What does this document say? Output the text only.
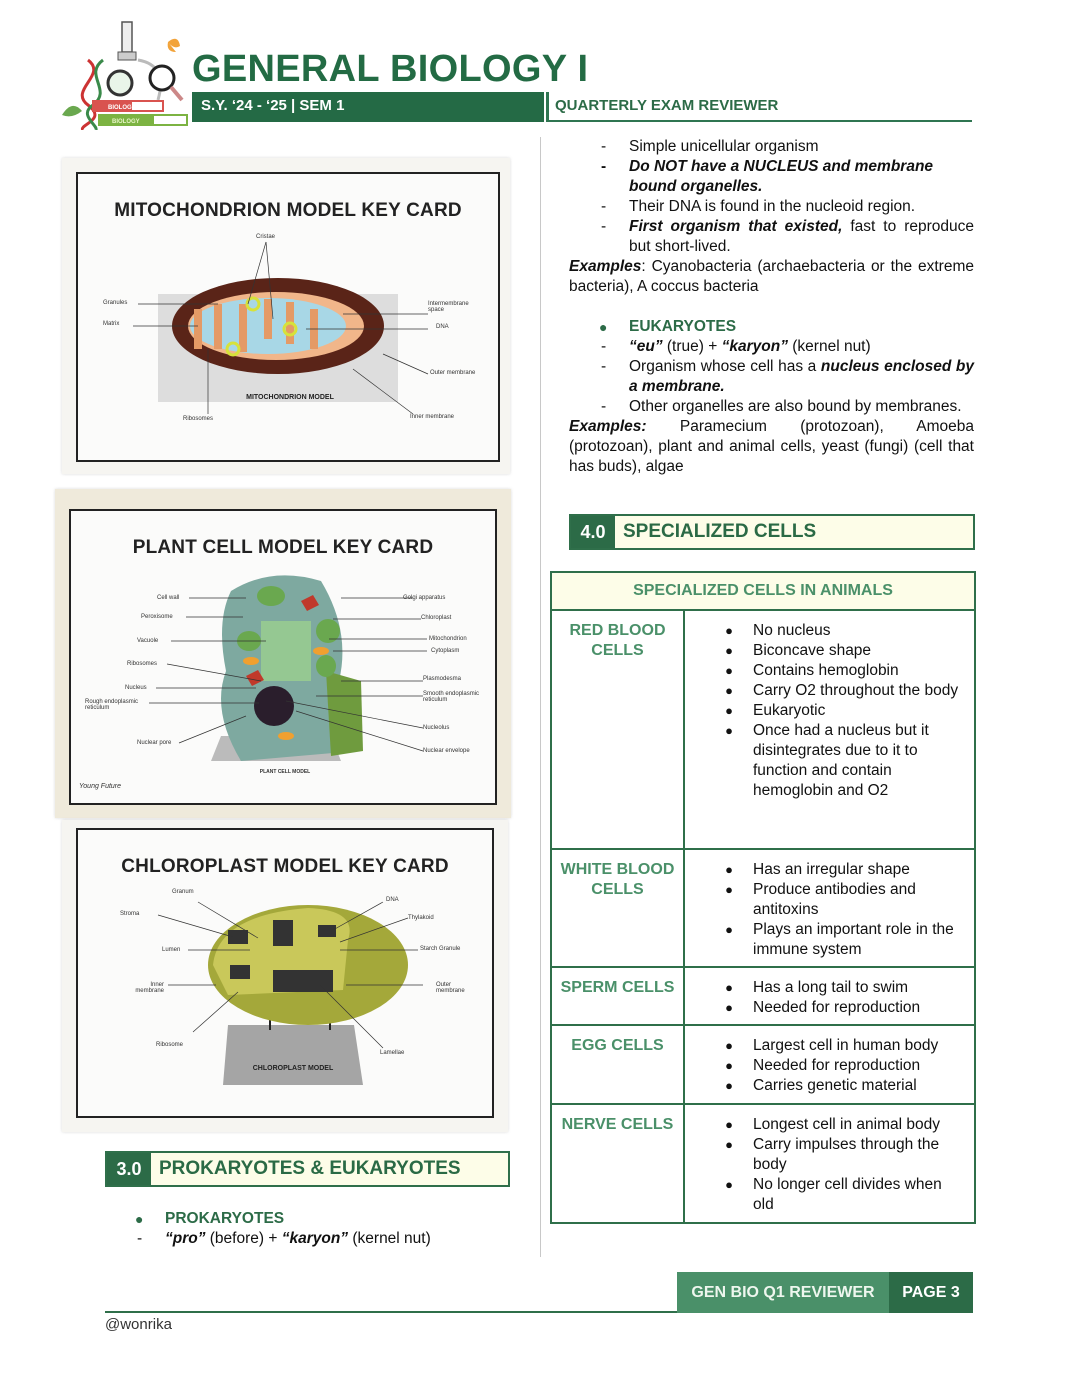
BIOLOGY
BIOLOGY
GENERAL BIOLOGY I
S.Y. ‘24 - ‘25 | SEM 1	QUARTERLY EXAM REVIEWER
MITOCHONDRION MODEL KEY CARD
MITOCHONDRION MODEL
Cristae
Granules
Matrix
Intermembrane space
DNA
Outer membrane
Inner membrane
Ribosomes
PLANT CELL MODEL KEY CARD
PLANT CELL MODEL
Cell wall
Peroxisome
Vacuole
Ribosomes
Nucleus
Rough endoplasmic reticulum
Nuclear pore
Golgi apparatus
Chloroplast
Mitochondrion
Cytoplasm
Plasmodesma
Smooth endoplasmic reticulum
Nucleolus
Nuclear envelope
Young Future
CHLOROPLAST MODEL KEY CARD
CHLOROPLAST MODEL
Granum
Stroma
Lumen
Inner membrane
Ribosome
DNA
Thylakoid
Starch Granule
Outer membrane
Lamellae
3.0 PROKARYOTES & EUKARYOTES
●	PROKARYOTES
-	“pro” (before) + “karyon” (kernel nut)
-	Simple unicellular organism
-	Do NOT have a NUCLEUS and membrane bound organelles.
-	Their DNA is found in the nucleoid region.
-	First organism that existed, fast to reproduce but short-lived.
Examples: Cyanobacteria (archaebacteria or the extreme bacteria), A coccus bacteria
●	EUKARYOTES
-	“eu” (true) + “karyon” (kernel nut)
-	Organism whose cell has a nucleus enclosed by a membrane.
-	Other organelles are also bound by membranes.
Examples: Paramecium (protozoan), Amoeba (protozoan), plant and animal cells, yeast (fungi) (cell that has buds), algae
4.0 SPECIALIZED CELLS
SPECIALIZED CELLS IN ANIMALS
RED BLOOD CELLS
●	No nucleus
●	Biconcave shape
●	Contains hemoglobin
●	Carry O2 throughout the body
●	Eukaryotic
●	Once had a nucleus but it disintegrates due to it to function and contain hemoglobin and O2
WHITE BLOOD CELLS
●	Has an irregular shape
●	Produce antibodies and antitoxins
●	Plays an important role in the immune system
SPERM CELLS	●	Has a long tail to swim
●	Needed for reproduction
EGG CELLS	●	Largest cell in human body
●	Needed for reproduction
●	Carries genetic material
NERVE CELLS	●	Longest cell in animal body
●	Carry impulses through the body
●	No longer cell divides when old
GEN BIO Q1 REVIEWER	PAGE 3
@wonrika
